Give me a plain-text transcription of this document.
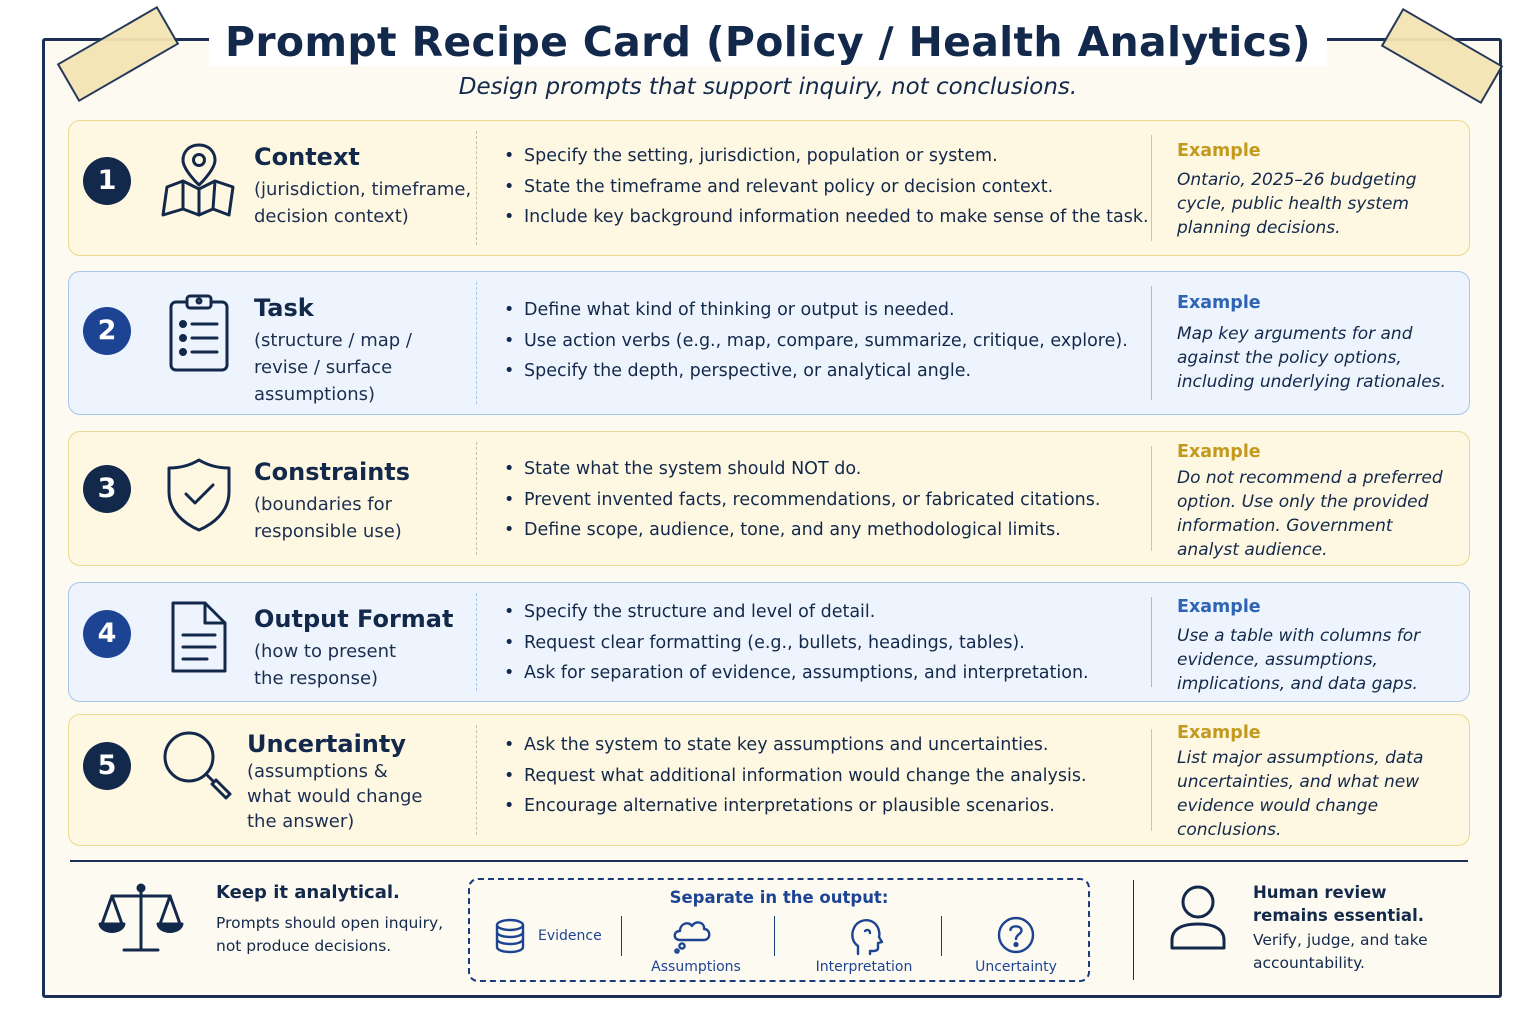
Prompt Recipe Card (Policy / Health Analytics)
Design prompts that support inquiry, not conclusions.
1
Context
(jurisdiction, timeframe,
decision context)
• Specify the setting, jurisdiction, population or system.
• State the timeframe and relevant policy or decision context.
• Include key background information needed to make sense of the task.
Example
Ontario, 2025–26 budgeting cycle, public health system planning decisions.
2
Task
(structure / map /
revise / surface
assumptions)
• Define what kind of thinking or output is needed.
• Use action verbs (e.g., map, compare, summarize, critique, explore).
• Specify the depth, perspective, or analytical angle.
Example
Map key arguments for and against the policy options, including underlying rationales.
3
Constraints
(boundaries for
responsible use)
• State what the system should NOT do.
• Prevent invented facts, recommendations, or fabricated citations.
• Define scope, audience, tone, and any methodological limits.
Example
Do not recommend a preferred option. Use only the provided information. Government analyst audience.
4	Output Format
(how to present
the response)
• Specify the structure and level of detail.
• Request clear formatting (e.g., bullets, headings, tables).
• Ask for separation of evidence, assumptions, and interpretation.
Example
Use a table with columns for evidence, assumptions, implications, and data gaps.
5
Uncertainty
(assumptions &
what would change
the answer)
• Ask the system to state key assumptions and uncertainties.
• Request what additional information would change the analysis.
• Encourage alternative interpretations or plausible scenarios.
Example
List major assumptions, data uncertainties, and what new evidence would change conclusions.
Keep it analytical.
Prompts should open inquiry, not produce decisions.
Separate in the output:
Evidence
Assumptions	Interpretation	Uncertainty
Human review remains essential.
Verify, judge, and take accountability.
